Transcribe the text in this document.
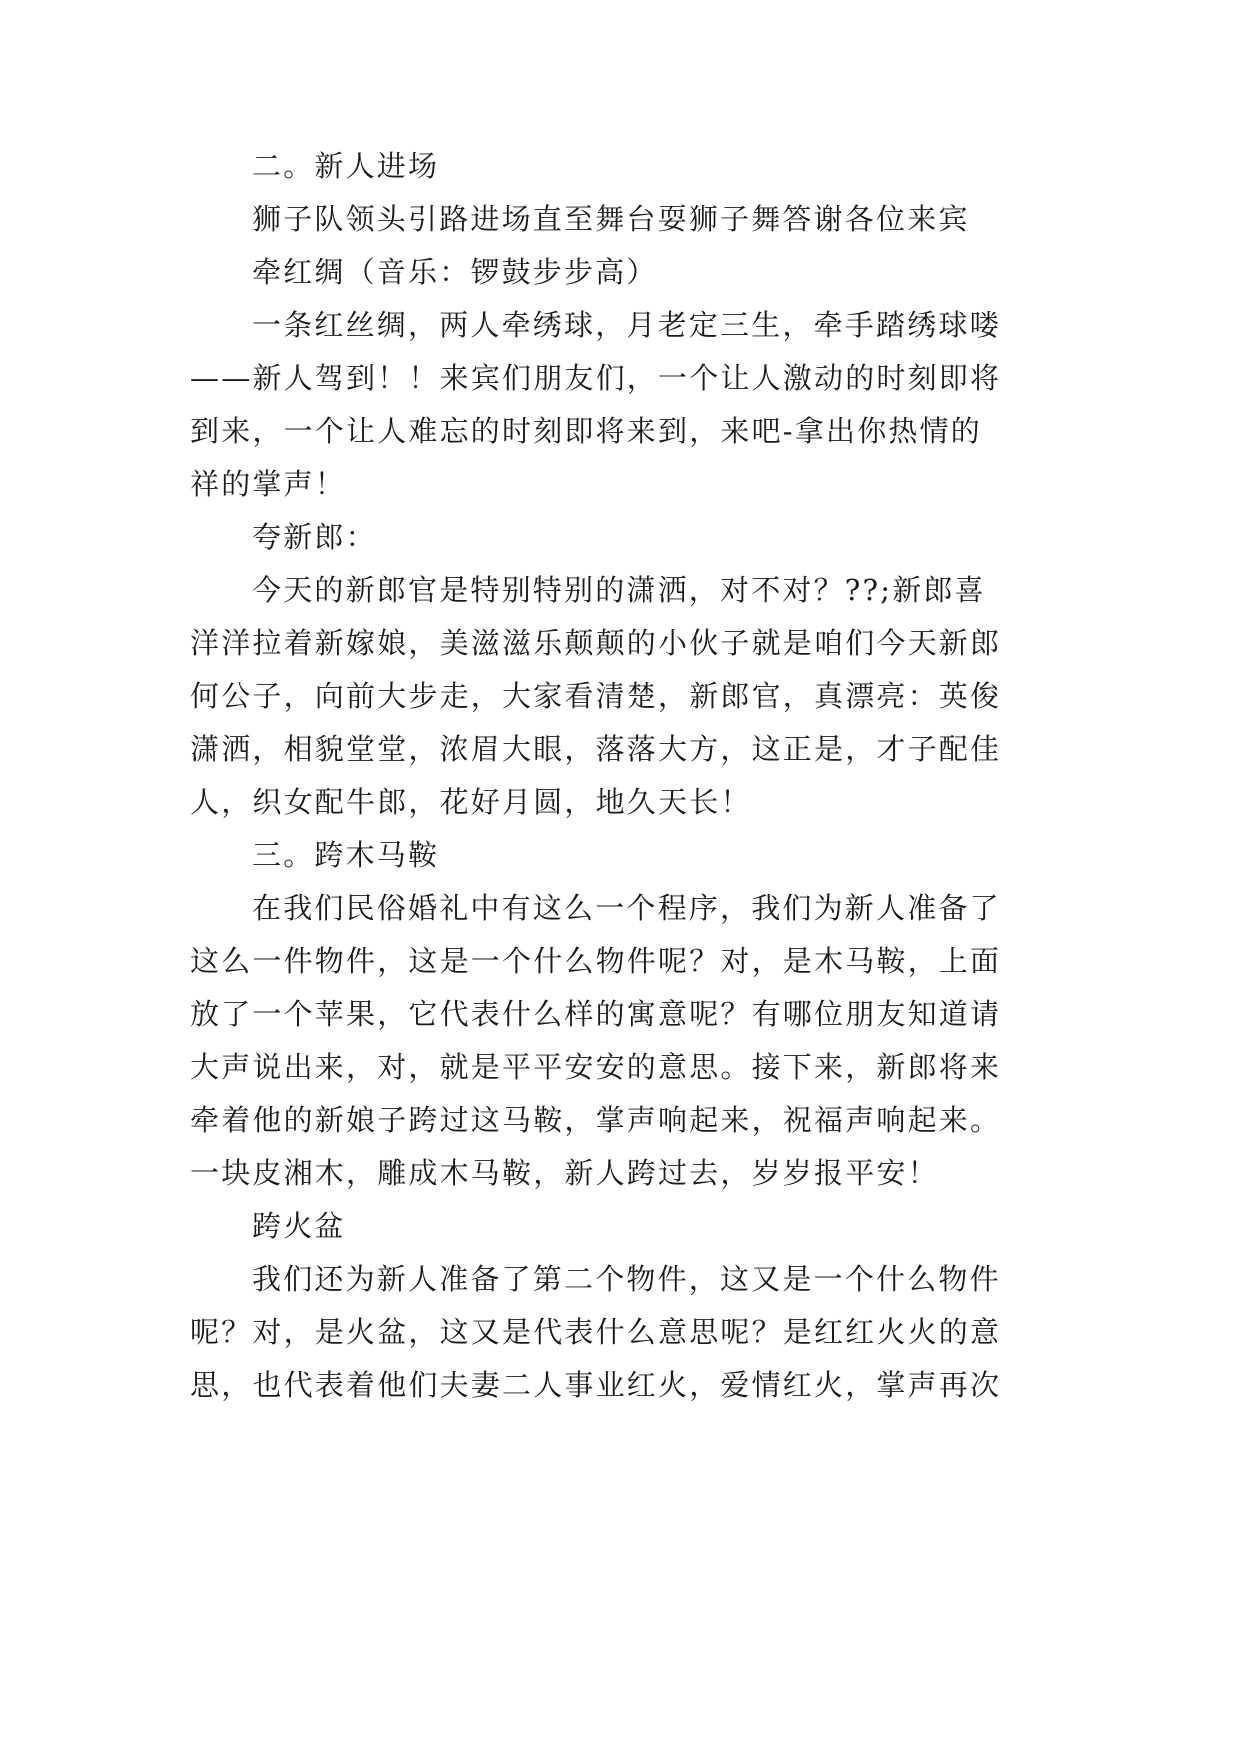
二。新人进场
狮子队领头引路进场直至舞台耍狮子舞答谢各位来宾
牵红绸（音乐：锣鼓步步高）
一条红丝绸，两人牵绣球，月老定三生，牵手踏绣球喽
——新人驾到！！来宾们朋友们，一个让人激动的时刻即将
到来，一个让人难忘的时刻即将来到，来吧-拿出你热情的
祥的掌声！
夸新郎：
今天的新郎官是特别特别的潇洒，对不对？??;新郎喜
洋洋拉着新嫁娘，美滋滋乐颠颠的小伙子就是咱们今天新郎
何公子，向前大步走，大家看清楚，新郎官，真漂亮：英俊
潇洒，相貌堂堂，浓眉大眼，落落大方，这正是，才子配佳
人，织女配牛郎，花好月圆，地久天长！
三。跨木马鞍
在我们民俗婚礼中有这么一个程序，我们为新人准备了
这么一件物件，这是一个什么物件呢？对，是木马鞍，上面
放了一个苹果，它代表什么样的寓意呢？有哪位朋友知道请
大声说出来，对，就是平平安安的意思。接下来，新郎将来
牵着他的新娘子跨过这马鞍，掌声响起来，祝福声响起来。
一块皮湘木，雕成木马鞍，新人跨过去，岁岁报平安！
跨火盆
我们还为新人准备了第二个物件，这又是一个什么物件
呢？对，是火盆，这又是代表什么意思呢？是红红火火的意
思，也代表着他们夫妻二人事业红火，爱情红火，掌声再次
